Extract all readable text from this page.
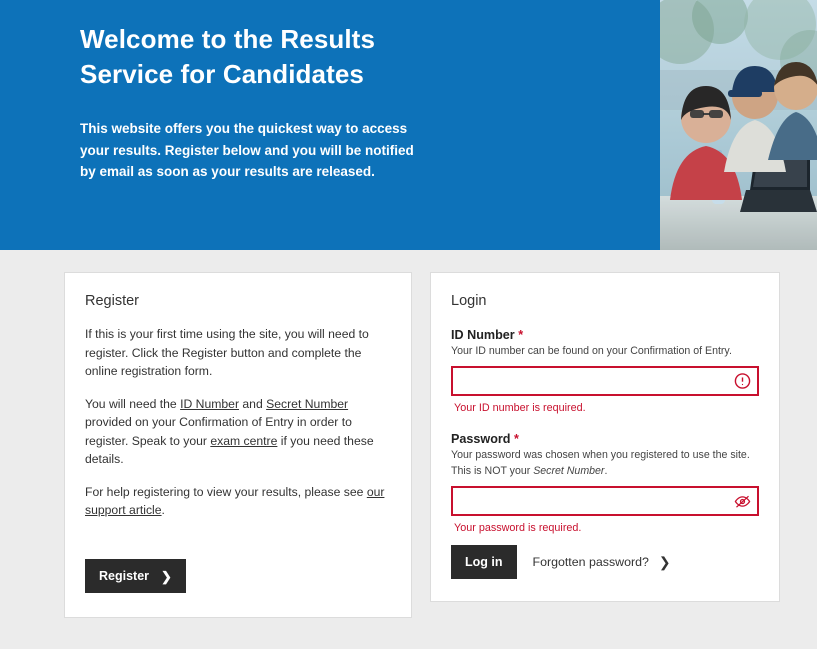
Welcome to the Results Service for Candidates

This website offers you the quickest way to access your results. Register below and you will be notified by email as soon as your results are released.

Register

If this is your first time using the site, you will need to register. Click the Register button and complete the online registration form.

You will need the ID Number and Secret Number provided on your Confirmation of Entry in order to register. Speak to your exam centre if you need these details.

For help registering to view your results, please see our support article.

Register ❯
Login
ID Number *

Your ID number can be found on your Confirmation of Entry.

Your ID number is required.

Password *

Your password was chosen when you registered to use the site. This is NOT your Secret Number.

Your password is required.

Log in Forgotten password? ❯
